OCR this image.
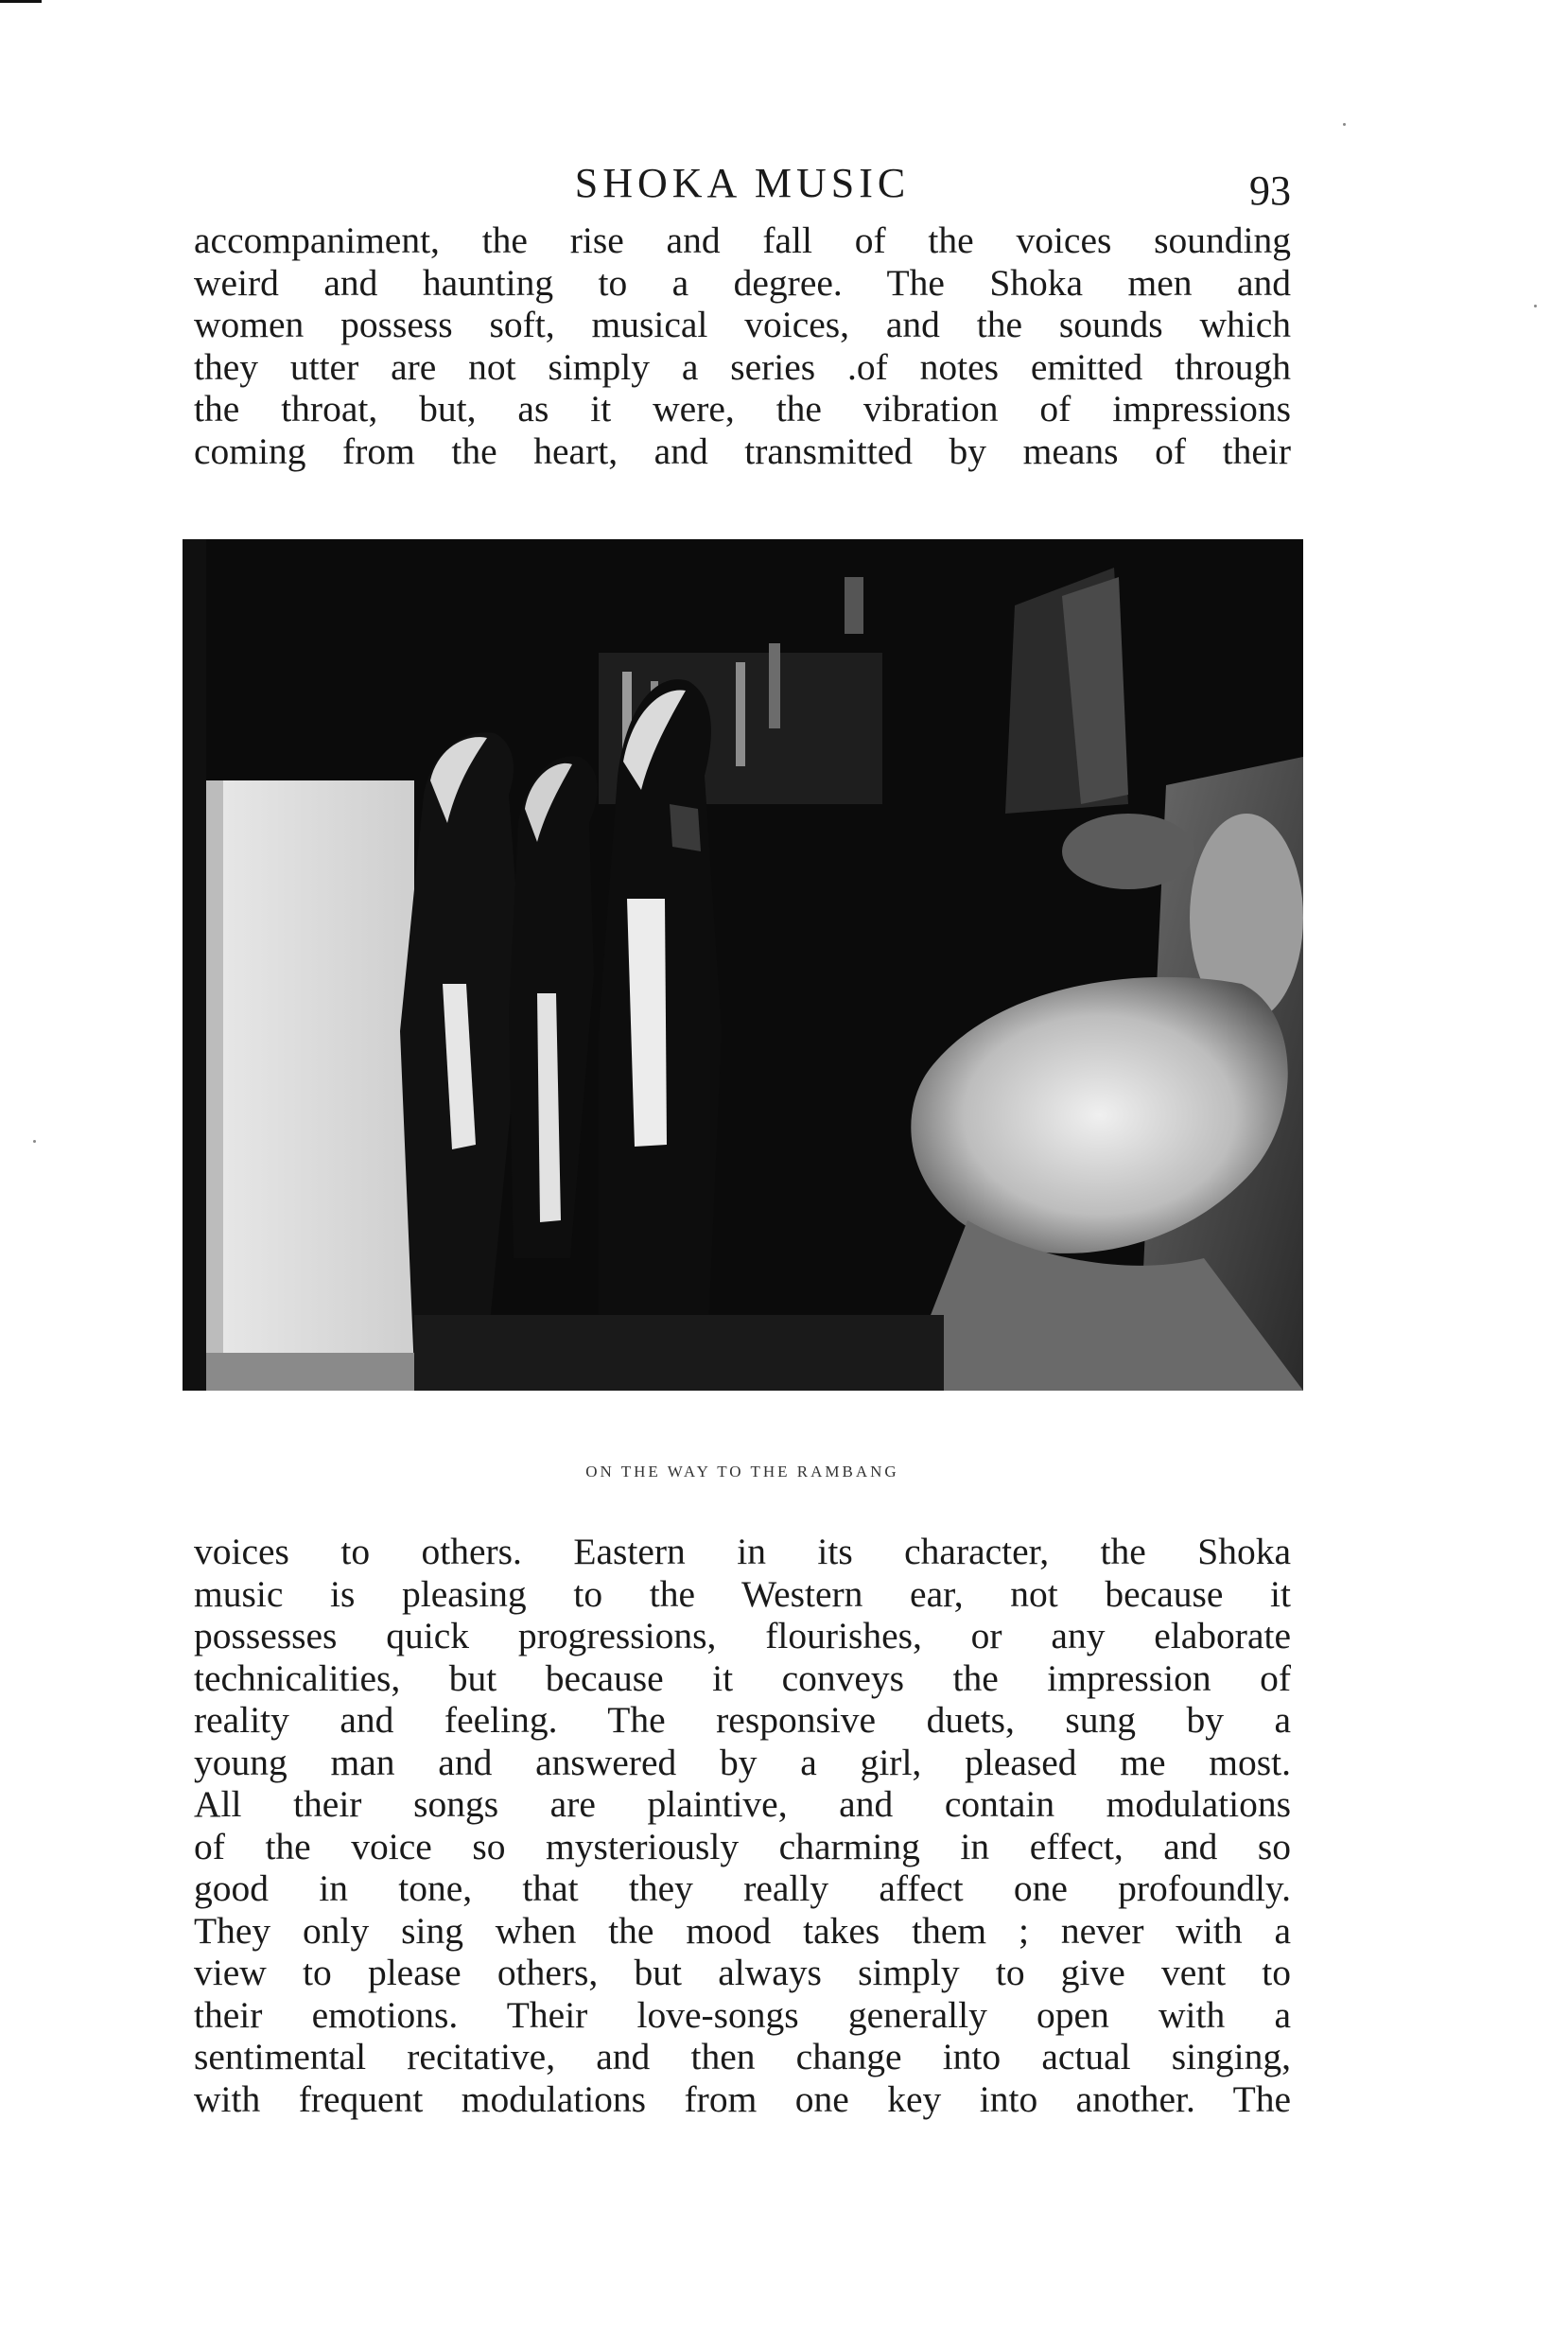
SHOKA MUSIC	93
accompaniment, the rise and fall of the voices sounding
weird and haunting to a degree. The Shoka men and
women possess soft, musical voices, and the sounds which
they utter are not simply a series .of notes emitted through
the throat, but, as it were, the vibration of impressions
coming from the heart, and transmitted by means of their
ON THE WAY TO THE RAMBANG
voices to others. Eastern in its character, the Shoka
music is pleasing to the Western ear, not because it
possesses quick progressions, flourishes, or any elaborate
technicalities, but because it conveys the impression of
reality and feeling. The responsive duets, sung by a
young man and answered by a girl, pleased me most.
All their songs are plaintive, and contain modulations
of the voice so mysteriously charming in effect, and so
good in tone, that they really affect one profoundly.
They only sing when the mood takes them ; never with a
view to please others, but always simply to give vent to
their emotions. Their love-songs generally open with a
sentimental recitative, and then change into actual singing,
with frequent modulations from one key into another. The
